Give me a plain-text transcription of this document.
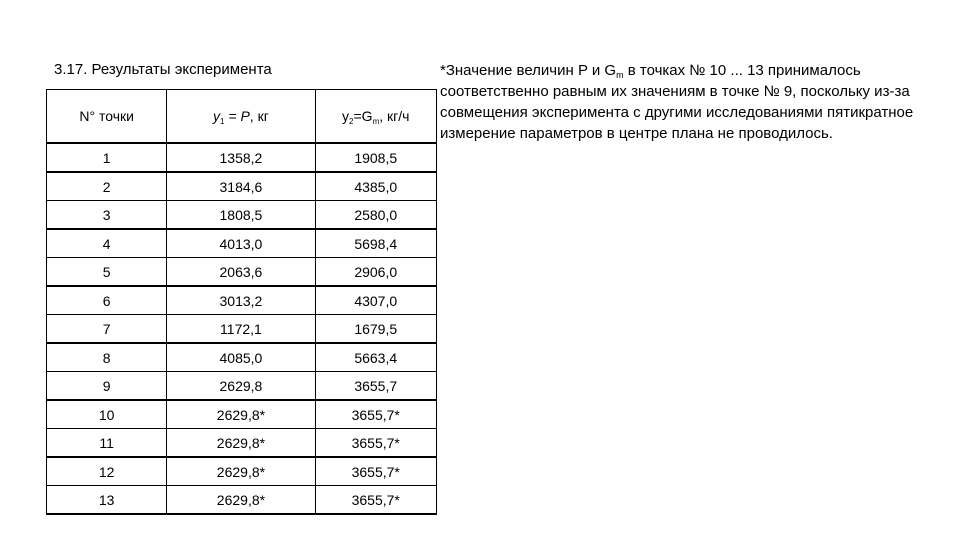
3.17. Результаты эксперимента
N° точки	$y_1 = P$, кг	$y_2=G_m$, кг/ч
1	1358,2	1908,5
2	3184,6	4385,0
3	1808,5	2580,0
4	4013,0	5698,4
5	2063,6	2906,0
6	3013,2	4307,0
7	1172,1	1679,5
8	4085,0	5663,4
9	2629,8	3655,7
10	2629,8*	3655,7*
11	2629,8*	3655,7*
12	2629,8*	3655,7*
13	2629,8*	3655,7*
*Значение величин P и $G_m$ в точках № 10 ... 13 принималось соответственно равным их значениям в точке № 9, поскольку из-за совмещения эксперимента с другими исследованиями пятикратное измерение параметров в центре плана не проводилось.
